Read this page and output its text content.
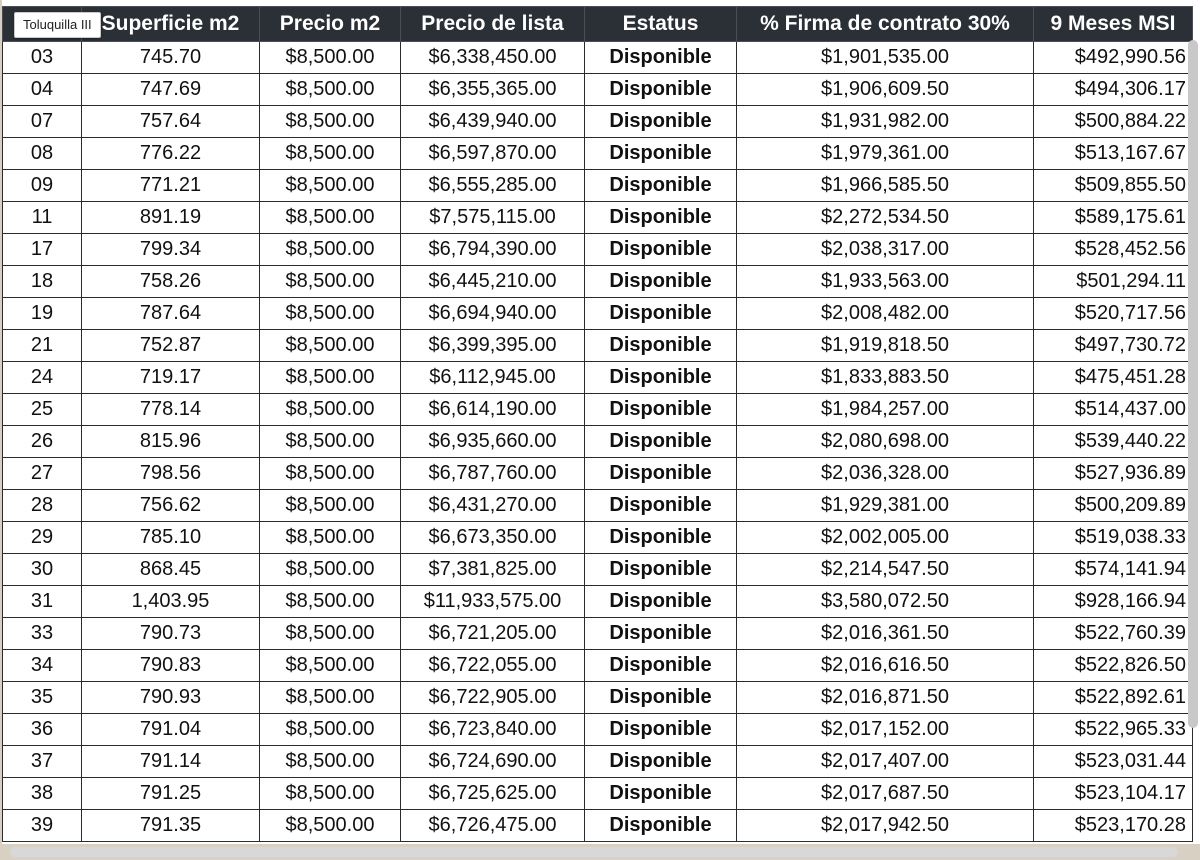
	Superficie m2	Precio m2	Precio de lista	Estatus	% Firma de contrato 30%	9 Meses MSI
03	745.70	$8,500.00	$6,338,450.00	Disponible	$1,901,535.00	$492,990.56
04	747.69	$8,500.00	$6,355,365.00	Disponible	$1,906,609.50	$494,306.17
07	757.64	$8,500.00	$6,439,940.00	Disponible	$1,931,982.00	$500,884.22
08	776.22	$8,500.00	$6,597,870.00	Disponible	$1,979,361.00	$513,167.67
09	771.21	$8,500.00	$6,555,285.00	Disponible	$1,966,585.50	$509,855.50
11	891.19	$8,500.00	$7,575,115.00	Disponible	$2,272,534.50	$589,175.61
17	799.34	$8,500.00	$6,794,390.00	Disponible	$2,038,317.00	$528,452.56
18	758.26	$8,500.00	$6,445,210.00	Disponible	$1,933,563.00	$501,294.11
19	787.64	$8,500.00	$6,694,940.00	Disponible	$2,008,482.00	$520,717.56
21	752.87	$8,500.00	$6,399,395.00	Disponible	$1,919,818.50	$497,730.72
24	719.17	$8,500.00	$6,112,945.00	Disponible	$1,833,883.50	$475,451.28
25	778.14	$8,500.00	$6,614,190.00	Disponible	$1,984,257.00	$514,437.00
26	815.96	$8,500.00	$6,935,660.00	Disponible	$2,080,698.00	$539,440.22
27	798.56	$8,500.00	$6,787,760.00	Disponible	$2,036,328.00	$527,936.89
28	756.62	$8,500.00	$6,431,270.00	Disponible	$1,929,381.00	$500,209.89
29	785.10	$8,500.00	$6,673,350.00	Disponible	$2,002,005.00	$519,038.33
30	868.45	$8,500.00	$7,381,825.00	Disponible	$2,214,547.50	$574,141.94
31	1,403.95	$8,500.00	$11,933,575.00	Disponible	$3,580,072.50	$928,166.94
33	790.73	$8,500.00	$6,721,205.00	Disponible	$2,016,361.50	$522,760.39
34	790.83	$8,500.00	$6,722,055.00	Disponible	$2,016,616.50	$522,826.50
35	790.93	$8,500.00	$6,722,905.00	Disponible	$2,016,871.50	$522,892.61
36	791.04	$8,500.00	$6,723,840.00	Disponible	$2,017,152.00	$522,965.33
37	791.14	$8,500.00	$6,724,690.00	Disponible	$2,017,407.00	$523,031.44
38	791.25	$8,500.00	$6,725,625.00	Disponible	$2,017,687.50	$523,104.17
39	791.35	$8,500.00	$6,726,475.00	Disponible	$2,017,942.50	$523,170.28
Toluquilla III
